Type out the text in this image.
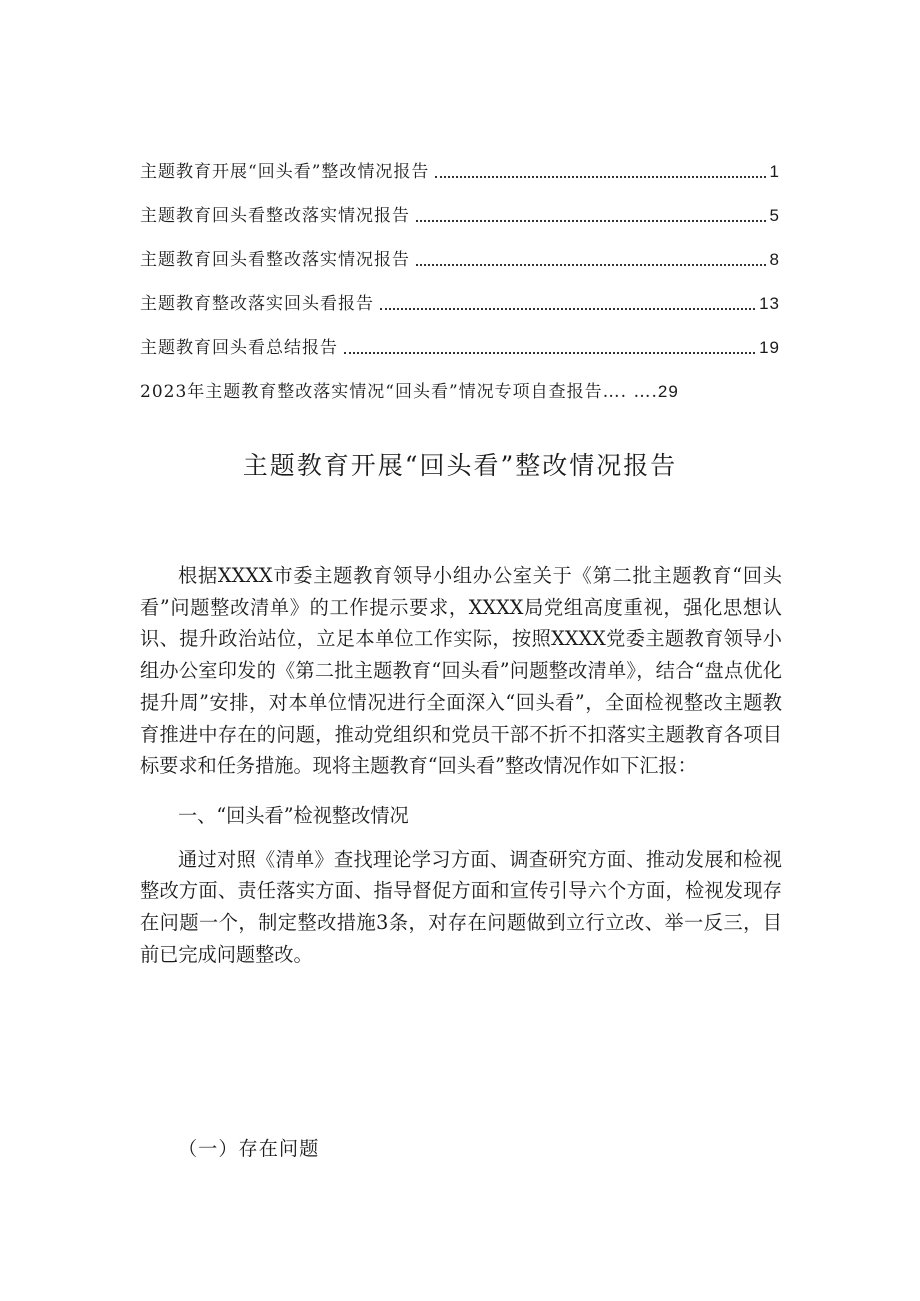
主题教育开展“回头看”整改情况报告	1
主题教育回头看整改落实情况报告	5
主题教育回头看整改落实情况报告	8
主题教育整改落实回头看报告	13
主题教育回头看总结报告	19
2023年主题教育整改落实情况“回头看”情况专项自查报告…. …. 29
主题教育开展“回头看”整改情况报告

根据XXXX市委主题教育领导小组办公室关于《第二批主题教育“回头看”问题整改清单》的工作提示要求，XXXX局党组高度重视，强化思想认识、提升政治站位，立足本单位工作实际，按照XXXX党委主题教育领导小组办公室印发的《第二批主题教育“回头看”问题整改清单》，结合“盘点优化提升周”安排，对本单位情况进行全面深入“回头看”，全面检视整改主题教育推进中存在的问题，推动党组织和党员干部不折不扣落实主题教育各项目标要求和任务措施。现将主题教育“回头看”整改情况作如下汇报：

一、“回头看”检视整改情况

通过对照《清单》查找理论学习方面、调查研究方面、推动发展和检视整改方面、责任落实方面、指导督促方面和宣传引导六个方面，检视发现存在问题一个，制定整改措施3条，对存在问题做到立行立改、举一反三，目前已完成问题整改。

（一）存在问题
